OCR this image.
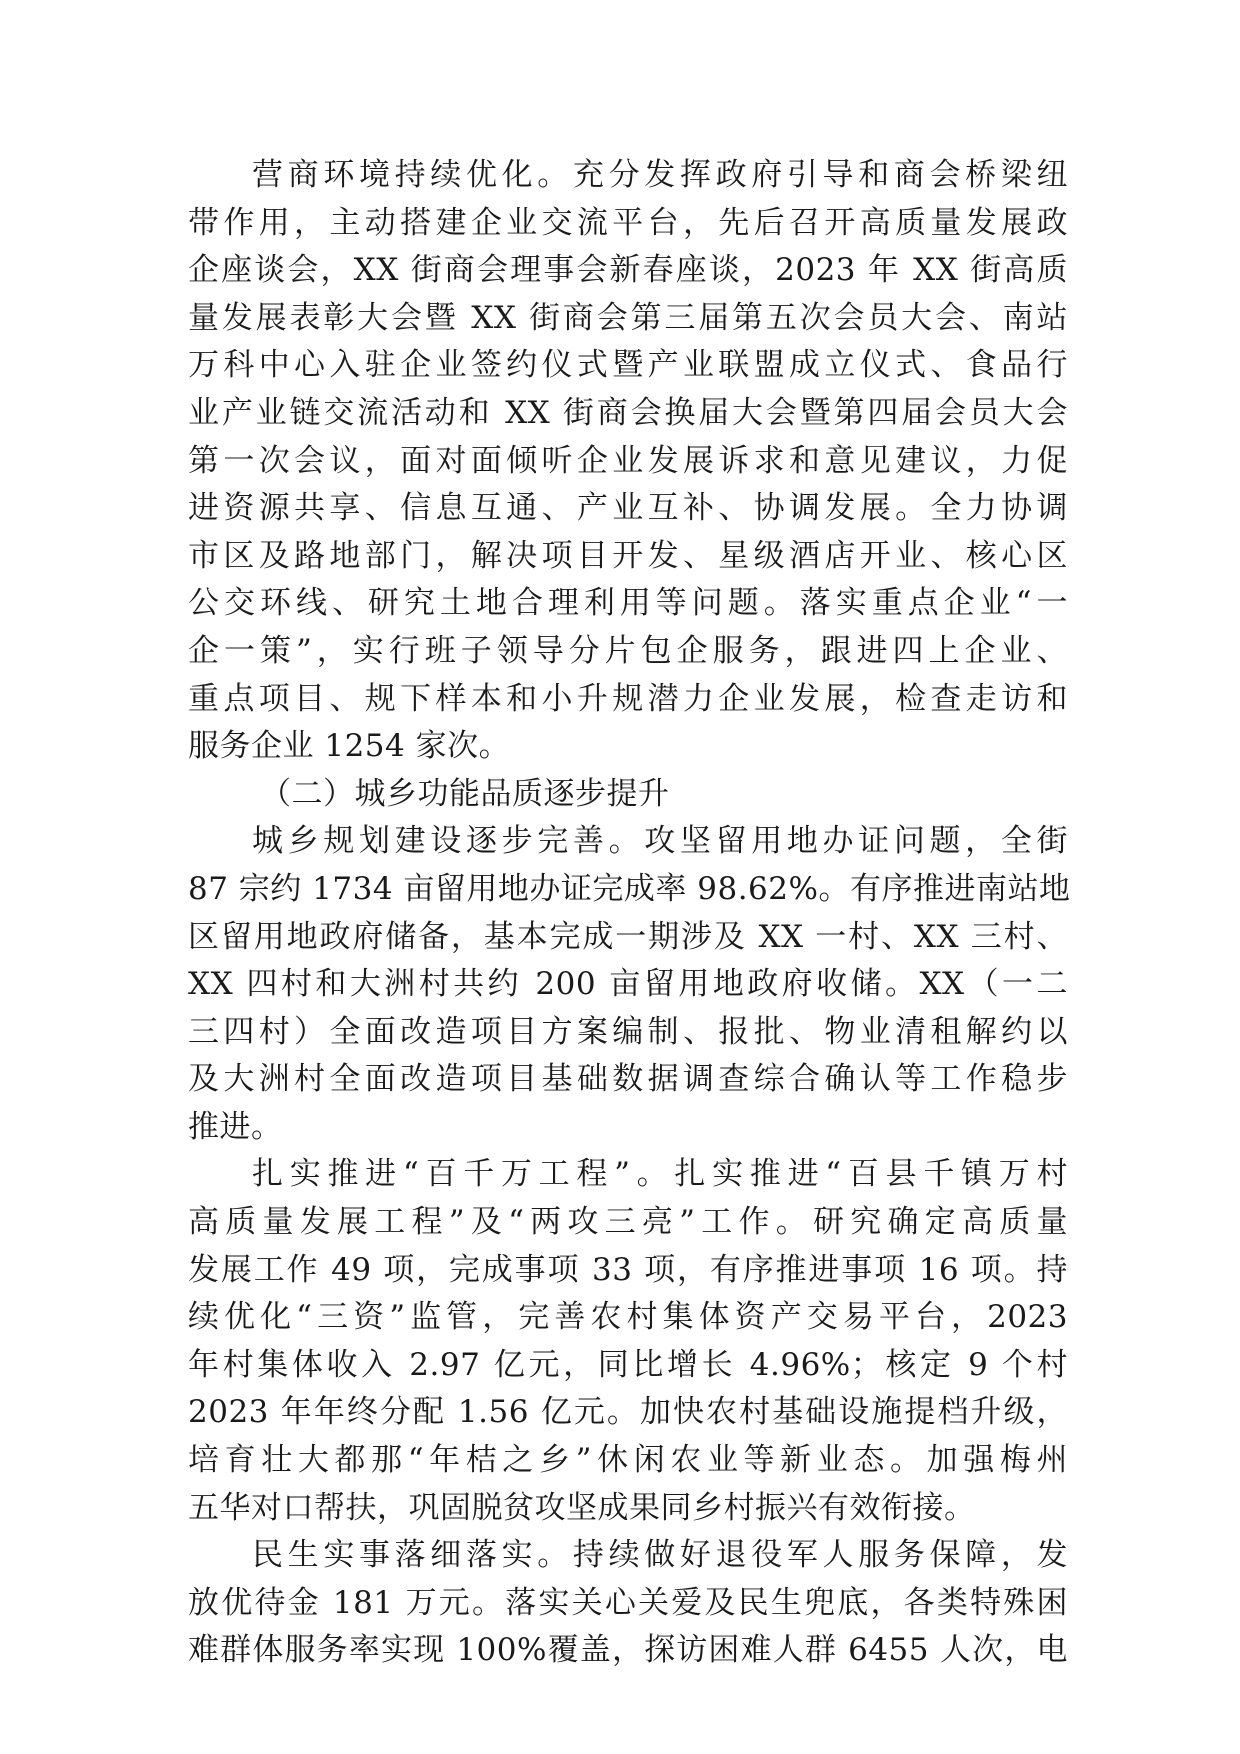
营商环境持续优化。充分发挥政府引导和商会桥梁纽
带作用，主动搭建企业交流平台，先后召开高质量发展政
企座谈会，XX 街商会理事会新春座谈，2023 年 XX 街高质
量发展表彰大会暨 XX 街商会第三届第五次会员大会、南站
万科中心入驻企业签约仪式暨产业联盟成立仪式、食品行
业产业链交流活动和 XX 街商会换届大会暨第四届会员大会
第一次会议，面对面倾听企业发展诉求和意见建议，力促
进资源共享、信息互通、产业互补、协调发展。全力协调
市区及路地部门，解决项目开发、星级酒店开业、核心区
公交环线、研究土地合理利用等问题。落实重点企业“一
企一策”，实行班子领导分片包企服务，跟进四上企业、
重点项目、规下样本和小升规潜力企业发展，检查走访和
服务企业 1254 家次。
（二）城乡功能品质逐步提升
城乡规划建设逐步完善。攻坚留用地办证问题，全街
87 宗约 1734 亩留用地办证完成率 98.62%。有序推进南站地
区留用地政府储备，基本完成一期涉及 XX 一村、XX 三村、
XX 四村和大洲村共约 200 亩留用地政府收储。XX（一二
三四村）全面改造项目方案编制、报批、物业清租解约以
及大洲村全面改造项目基础数据调查综合确认等工作稳步
推进。
扎实推进“百千万工程”。扎实推进“百县千镇万村
高质量发展工程”及“两攻三亮”工作。研究确定高质量
发展工作 49 项，完成事项 33 项，有序推进事项 16 项。持
续优化“三资”监管，完善农村集体资产交易平台，2023
年村集体收入 2.97 亿元，同比增长 4.96%；核定 9 个村
2023 年年终分配 1.56 亿元。加快农村基础设施提档升级，
培育壮大都那“年桔之乡”休闲农业等新业态。加强梅州
五华对口帮扶，巩固脱贫攻坚成果同乡村振兴有效衔接。
民生实事落细落实。持续做好退役军人服务保障，发
放优待金 181 万元。落实关心关爱及民生兜底，各类特殊困
难群体服务率实现 100%覆盖，探访困难人群 6455 人次，电
